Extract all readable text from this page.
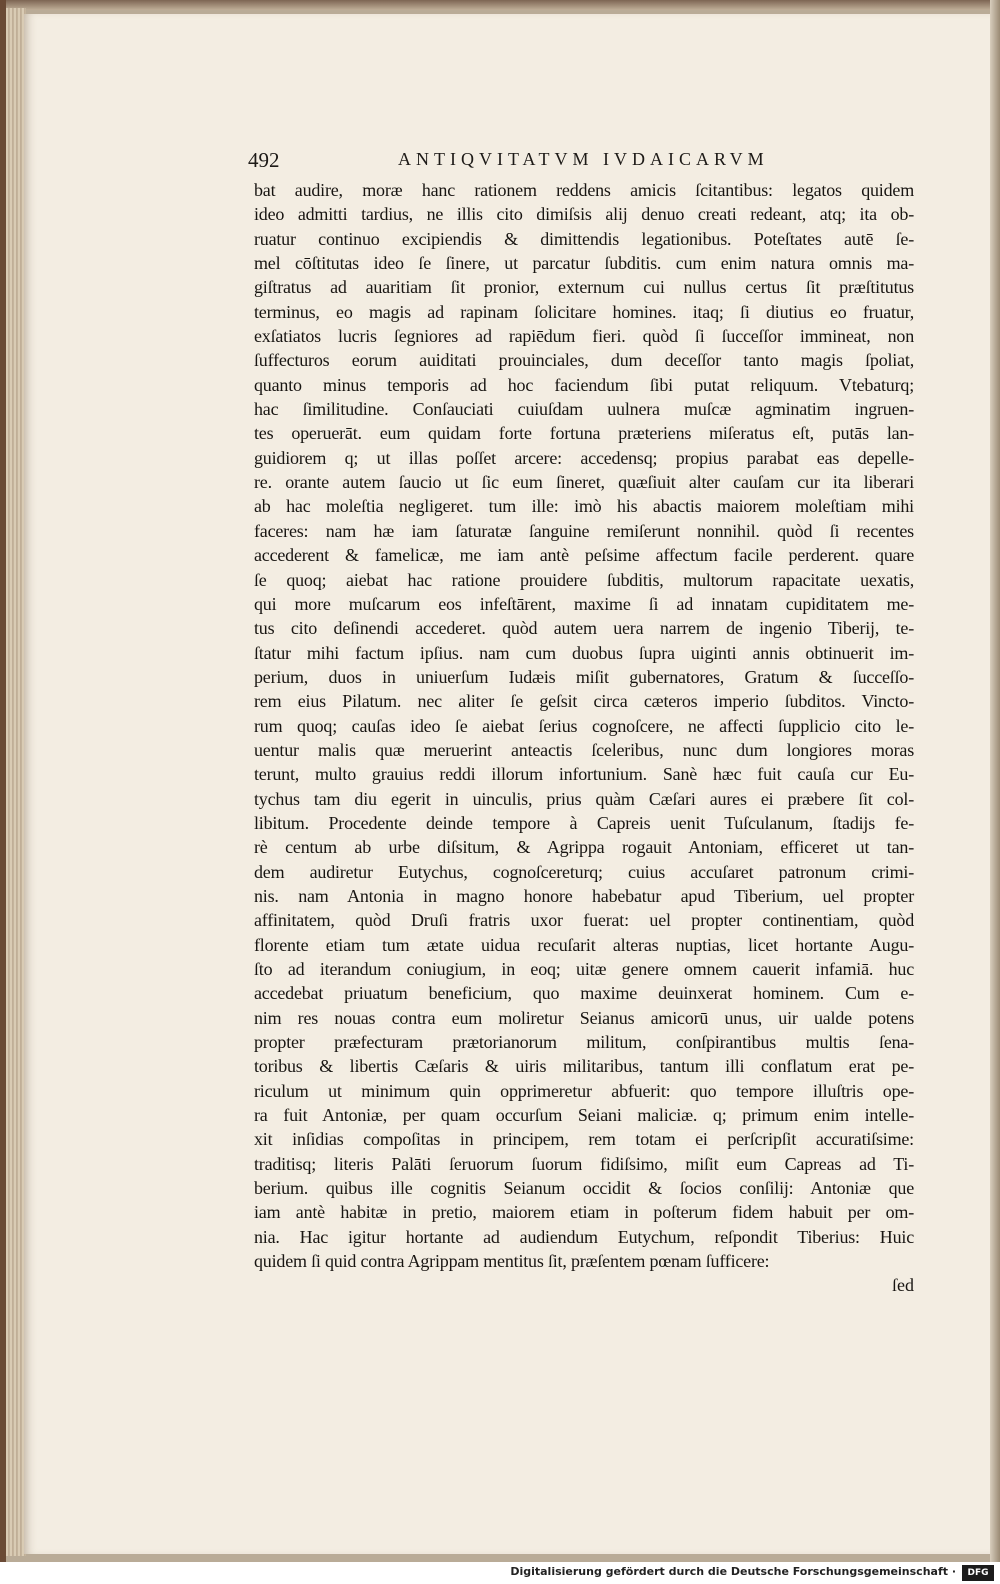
492	ANTIQVITATVM IVDAICARVM
bat audire, moræ hanc rationem reddens amicis ſcitantibus: legatos quidem
ideo admitti tardius, ne illis cito dimiſsis alij denuo creati redeant, atq; ita ob-
ruatur continuo excipiendis & dimittendis legationibus. Poteſtates autē ſe-
mel cōſtitutas ideo ſe ſinere, ut parcatur ſubditis. cum enim natura omnis ma-
giſtratus ad auaritiam ſit pronior, externum cui nullus certus ſit præſtitutus
terminus, eo magis ad rapinam ſolicitare homines. itaq; ſi diutius eo fruatur,
exſatiatos lucris ſegniores ad rapiēdum fieri. quòd ſi ſucceſſor immineat, non
ſuffecturos eorum auiditati prouinciales, dum deceſſor tanto magis ſpoliat,
quanto minus temporis ad hoc faciendum ſibi putat reliquum. Vtebaturq;
hac ſimilitudine. Conſauciati cuiuſdam uulnera muſcæ agminatim ingruen-
tes operuerāt. eum quidam forte fortuna præteriens miſeratus eſt, putās lan-
guidiorem q; ut illas poſſet arcere: accedensq; propius parabat eas depelle-
re. orante autem ſaucio ut ſic eum ſineret, quæſiuit alter cauſam cur ita liberari
ab hac moleſtia negligeret. tum ille: imò his abactis maiorem moleſtiam mihi
faceres: nam hæ iam ſaturatæ ſanguine remiſerunt nonnihil. quòd ſi recentes
accederent & famelicæ, me iam antè peſsime affectum facile perderent. quare
ſe quoq; aiebat hac ratione prouidere ſubditis, multorum rapacitate uexatis,
qui more muſcarum eos infeſtārent, maxime ſi ad innatam cupiditatem me-
tus cito deſinendi accederet. quòd autem uera narrem de ingenio Tiberij, te-
ſtatur mihi factum ipſius. nam cum duobus ſupra uiginti annis obtinuerit im-
perium, duos in uniuerſum Iudæis miſit gubernatores, Gratum & ſucceſſo-
rem eius Pilatum. nec aliter ſe geſsit circa cæteros imperio ſubditos. Vincto-
rum quoq; cauſas ideo ſe aiebat ſerius cognoſcere, ne affecti ſupplicio cito le-
uentur malis quæ meruerint anteactis ſceleribus, nunc dum longiores moras
terunt, multo grauius reddi illorum infortunium. Sanè hæc fuit cauſa cur Eu-
tychus tam diu egerit in uinculis, prius quàm Cæſari aures ei præbere ſit col-
libitum. Procedente deinde tempore à Capreis uenit Tuſculanum, ſtadijs fe-
rè centum ab urbe diſsitum, & Agrippa rogauit Antoniam, efficeret ut tan-
dem audiretur Eutychus, cognoſcereturq; cuius accuſaret patronum crimi-
nis. nam Antonia in magno honore habebatur apud Tiberium, uel propter
affinitatem, quòd Druſi fratris uxor fuerat: uel propter continentiam, quòd
florente etiam tum ætate uidua recuſarit alteras nuptias, licet hortante Augu-
ſto ad iterandum coniugium, in eoq; uitæ genere omnem cauerit infamiā. huc
accedebat priuatum beneficium, quo maxime deuinxerat hominem. Cum e-
nim res nouas contra eum moliretur Seianus amicorū unus, uir ualde potens
propter præfecturam prætorianorum militum, conſpirantibus multis ſena-
toribus & libertis Cæſaris & uiris militaribus, tantum illi conflatum erat pe-
riculum ut minimum quin opprimeretur abfuerit: quo tempore illuſtris ope-
ra fuit Antoniæ, per quam occurſum Seiani maliciæ. q; primum enim intelle-
xit inſidias compoſitas in principem, rem totam ei perſcripſit accuratiſsime:
traditisq; literis Palāti ſeruorum ſuorum fidiſsimo, miſit eum Capreas ad Ti-
berium. quibus ille cognitis Seianum occidit & ſocios conſilij: Antoniæ que
iam antè habitæ in pretio, maiorem etiam in poſterum fidem habuit per om-
nia. Hac igitur hortante ad audiendum Eutychum, reſpondit Tiberius: Huic
quidem ſi quid contra Agrippam mentitus ſit, præſentem pœnam ſufficere:
ſed
Digitalisierung gefördert durch die Deutsche Forschungsgemeinschaft ·	DFG
